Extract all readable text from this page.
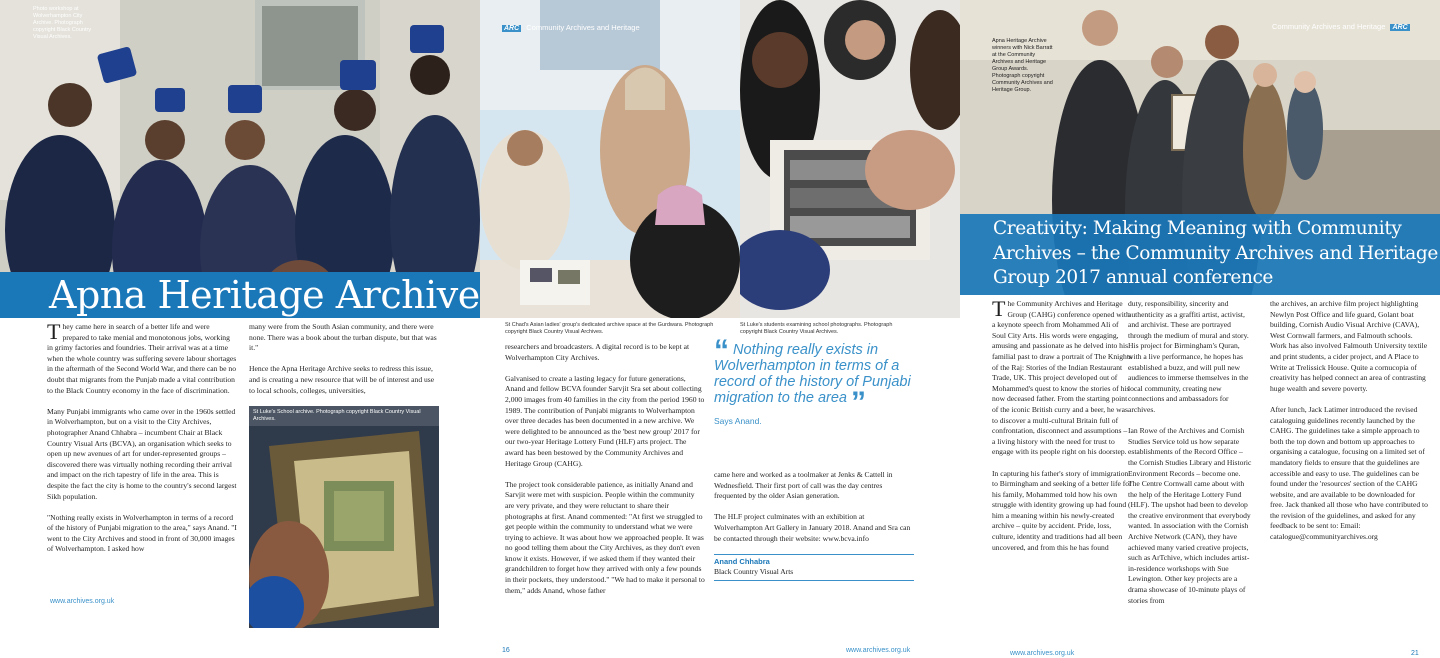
Photo workshop at Wolverhampton City Archive. Photograph copyright Black Country Visual Archives.
ARC Community Archives and Heritage
Apna Heritage Archive
St Chad's Asian ladies' group's dedicated archive space at the Gurdwara. Photograph copyright Black Country Visual Archives.
St Luke's students examining school photographs. Photograph copyright Black Country Visual Archives.

They came here in search of a better life and were prepared to take menial and monotonous jobs, working in grimy factories and foundries. Their arrival was at a time when the whole country was suffering severe labour shortages in the aftermath of the Second World War, and there can be no doubt that migrants from the Punjab made a vital contribution to the Black Country economy in the face of discrimination.

Many Punjabi immigrants who came over in the 1960s settled in Wolverhampton, but on a visit to the City Archives, photographer Anand Chhabra – incumbent Chair at Black Country Visual Arts (BCVA), an organisation which seeks to open up new avenues of art for under-represented groups – discovered there was virtually nothing recording their arrival and impact on the rich tapestry of life in the area. This is despite the fact the city is home to the country's second largest Sikh population.

"Nothing really exists in Wolverhampton in terms of a record of the history of Punjabi migration to the area," says Anand. "I went to the City Archives and stood in front of 30,000 images of Wolverhampton. I asked how

www.archives.org.uk

many were from the South Asian community, and there were none. There was a book about the turban dispute, but that was it."

Hence the Apna Heritage Archive seeks to redress this issue, and is creating a new resource that will be of interest and use to local schools, colleges, universities,

St Luke's School archive. Photograph copyright Black Country Visual Archives.

researchers and broadcasters. A digital record is to be kept at Wolverhampton City Archives.

Galvanised to create a lasting legacy for future generations, Anand and fellow BCVA founder Sarvjit Sra set about collecting 2,000 images from 40 families in the city from the period 1960 to 1989. The contribution of Punjabi migrants to Wolverhampton over three decades has been documented in a new archive. We were delighted to be announced as the 'best new group' 2017 for our two-year Heritage Lottery Fund (HLF) arts project. The award has been bestowed by the Community Archives and Heritage Group (CAHG).

The project took considerable patience, as initially Anand and Sarvjit were met with suspicion. People within the community are very private, and they were reluctant to share their photographs at first. Anand commented: "At first we struggled to get people within the community to understand what we were trying to achieve. It was about how we approached people. It was no good telling them about the City Archives, as they don't even know it exists. However, if we asked them if they wanted their grandchildren to forget how they arrived with only a few pounds in their pockets, they understood." "We had to make it personal to them," adds Anand, whose father

“ Nothing really exists in Wolverhampton in terms of a record of the history of Punjabi migration to the area ”
Says Anand.

came here and worked as a toolmaker at Jenks & Cattell in Wednesfield. Their first port of call was the day centres frequented by the older Asian generation.

The HLF project culminates with an exhibition at Wolverhampton Art Gallery in January 2018. Anand and Sra can be contacted through their website: www.bcva.info

Anand Chhabra
Black Country Visual Arts
16	www.archives.org.uk
Apna Heritage Archive winners with Nick Barratt at the Community Archives and Heritage Group Awards. Photograph copyright Community Archives and Heritage Group.
Community Archives and Heritage ARC
Creativity: Making Meaning with Community Archives – the Community Archives and Heritage Group 2017 annual conference

The Community Archives and Heritage Group (CAHG) conference opened with a keynote speech from Mohammed Ali of Soul City Arts. His words were engaging, amusing and passionate as he delved into his familial past to draw a portrait of The Knights of the Raj: Stories of the Indian Restaurant Trade, UK. This project developed out of Mohammed's quest to know the stories of his now deceased father. From the starting point of the iconic British curry and a beer, he was to discover a multi-cultural Britain full of confrontation, disconnect and assumptions – a living history with the need for trust to engage with its people right on his doorstep.

In capturing his father's story of immigration to Birmingham and seeking of a better life for his family, Mohammed told how his own struggle with identity growing up had found him a meaning within his newly-created archive – quite by accident. Pride, loss, culture, identity and traditions had all been uncovered, and from this he has found

duty, responsibility, sincerity and authenticity as a graffiti artist, activist, and archivist. These are portrayed through the medium of mural and story. His project for Birmingham's Quran, with a live performance, he hopes has established a buzz, and will pull new audiences to immerse themselves in the local community, creating new connections and ambassadors for archives.

Ian Rowe of the Archives and Cornish Studies Service told us how separate establishments of the Record Office – the Cornish Studies Library and Historic Environment Records – become one. The Centre Cornwall came about with the help of the Heritage Lottery Fund (HLF). The upshot had been to develop the creative environment that everybody wanted. In association with the Cornish Archive Network (CAN), they have achieved many varied creative projects, such as ArTchive, which includes artist-in-residence workshops with Sue Lewington. Other key projects are a drama showcase of 10-minute plays of stories from

the archives, an archive film project highlighting Newlyn Post Office and life guard, Golant boat building, Cornish Audio Visual Archive (CAVA), West Cornwall farmers, and Falmouth schools. Work has also involved Falmouth University textile and print students, a cider project, and A Place to Write at Trelissick House. Quite a cornucopia of creativity has helped connect an area of contrasting huge wealth and severe poverty.

After lunch, Jack Latimer introduced the revised cataloguing guidelines recently launched by the CAHG. The guidelines take a simple approach to both the top down and bottom up approaches to organising a catalogue, focusing on a limited set of mandatory fields to ensure that the guidelines are accessible and easy to use. The guidelines can be found under the 'resources' section of the CAHG website, and are available to be downloaded for free. Jack thanked all those who have contributed to the revision of the guidelines, and asked for any feedback to be sent to: Email: catalogue@communityarchives.org

www.archives.org.uk	21
